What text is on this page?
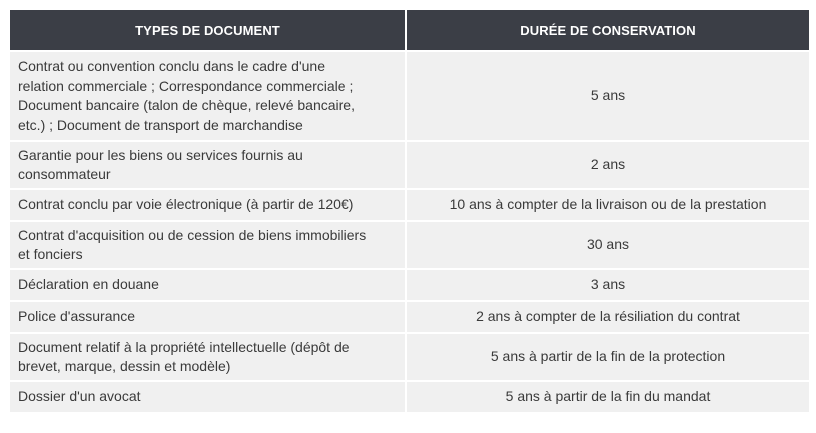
TYPES DE DOCUMENT	DURÉE DE CONSERVATION
Contrat ou convention conclu dans le cadre d'une
relation commerciale ; Correspondance commerciale ;
Document bancaire (talon de chèque, relevé bancaire,
etc.) ; Document de transport de marchandise	5 ans
Garantie pour les biens ou services fournis au
consommateur	2 ans
Contrat conclu par voie électronique (à partir de 120€)	10 ans à compter de la livraison ou de la prestation
Contrat d'acquisition ou de cession de biens immobiliers
et fonciers	30 ans
Déclaration en douane	3 ans
Police d'assurance	2 ans à compter de la résiliation du contrat
Document relatif à la propriété intellectuelle (dépôt de
brevet, marque, dessin et modèle)	5 ans à partir de la fin de la protection
Dossier d'un avocat	5 ans à partir de la fin du mandat
